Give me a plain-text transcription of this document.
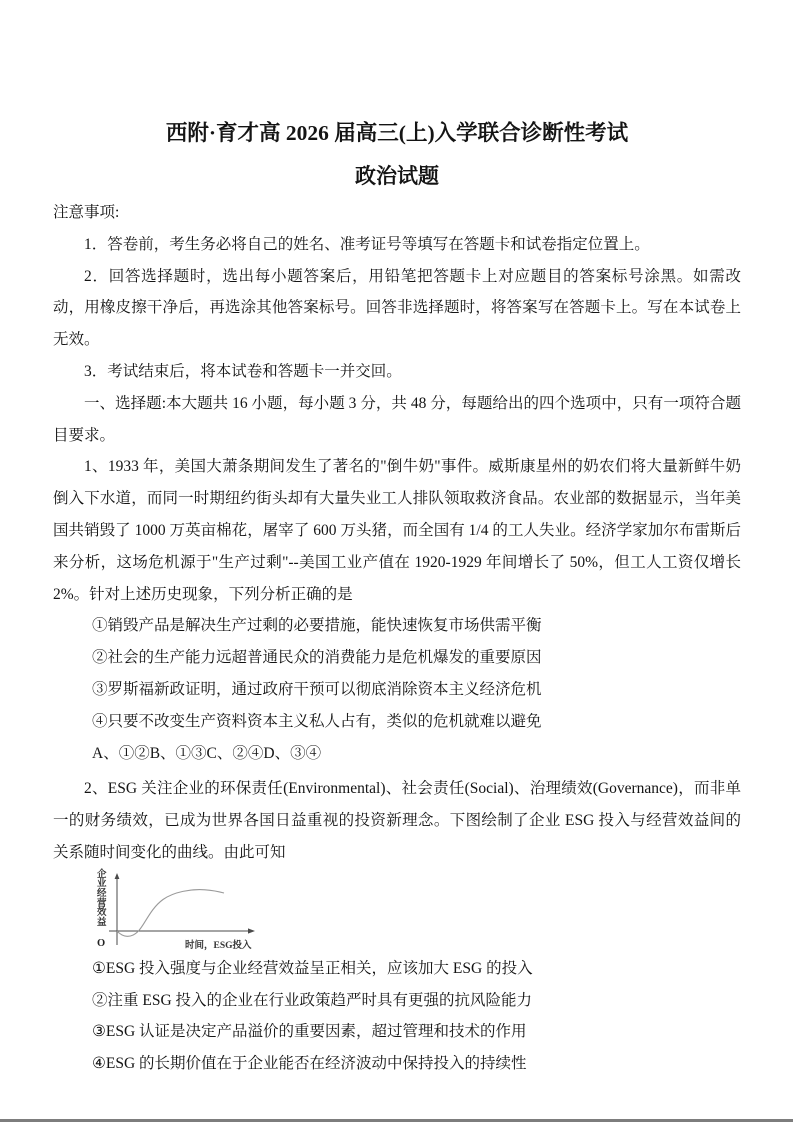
西附·育才高 2026 届高三(上)入学联合诊断性考试
政治试题

注意事项:

1．答卷前，考生务必将自己的姓名、准考证号等填写在答题卡和试卷指定位置上。

2．回答选择题时，选出每小题答案后，用铅笔把答题卡上对应题目的答案标号涂黑。如需改动，用橡皮擦干净后，再选涂其他答案标号。回答非选择题时，将答案写在答题卡上。写在本试卷上无效。

3．考试结束后，将本试卷和答题卡一并交回。

一、选择题:本大题共 16 小题，每小题 3 分，共 48 分，每题给出的四个选项中，只有一项符合题目要求。

1、1933 年，美国大萧条期间发生了著名的"倒牛奶"事件。威斯康星州的奶农们将大量新鲜牛奶倒入下水道，而同一时期纽约街头却有大量失业工人排队领取救济食品。农业部的数据显示，当年美国共销毁了 1000 万英亩棉花，屠宰了 600 万头猪，而全国有 1/4 的工人失业。经济学家加尔布雷斯后来分析，这场危机源于"生产过剩"--美国工业产值在 1920-1929 年间增长了 50%，但工人工资仅增长 2%。针对上述历史现象，下列分析正确的是

①销毁产品是解决生产过剩的必要措施，能快速恢复市场供需平衡

②社会的生产能力远超普通民众的消费能力是危机爆发的重要原因

③罗斯福新政证明，通过政府干预可以彻底消除资本主义经济危机

④只要不改变生产资料资本主义私人占有，类似的危机就难以避免

A、①②B、①③C、②④D、③④

2、ESG 关注企业的环保责任(Environmental)、社会责任(Social)、治理绩效(Governance)，而非单一的财务绩效，已成为世界各国日益重视的投资新理念。下图绘制了企业 ESG 投入与经营效益间的关系随时间变化的曲线。由此可知

企业经营效益
O	时间，ESG投入

①ESG 投入强度与企业经营效益呈正相关，应该加大 ESG 的投入

②注重 ESG 投入的企业在行业政策趋严时具有更强的抗风险能力

③ESG 认证是决定产品溢价的重要因素，超过管理和技术的作用

④ESG 的长期价值在于企业能否在经济波动中保持投入的持续性
